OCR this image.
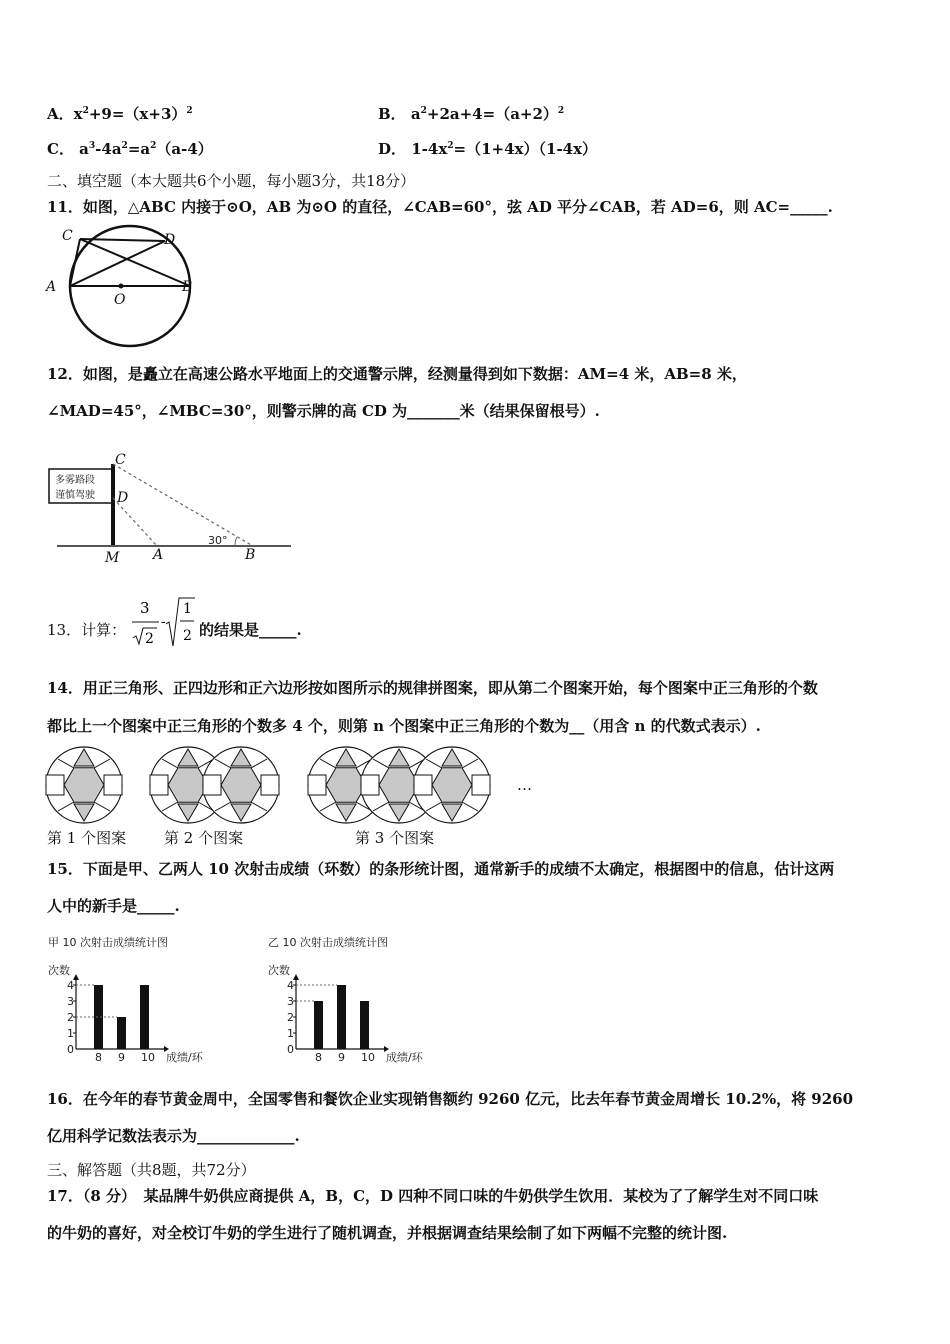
A．$x^2+9=(x+3)^2$	B． $a^2+2a+4=(a+2)^2$
C． $a^3-4a^2=a^2(a-4)$	D． $1-4x^2=(1+4x)(1-4x)$
二、填空题（本大题共6个小题，每小题3分，共18分）
11．如图，△ABC 内接于⊙O，AB 为⊙O 的直径，∠CAB=60°，弦 AD 平分∠CAB，若 AD=6，则 AC=_____.
A	B
C	D
O
12．如图，是矗立在高速公路水平地面上的交通警示牌，经测量得到如下数据：AM=4 米，AB=8 米，
∠MAD=45°，∠MBC=30°，则警示牌的高 CD 为_______米（结果保留根号）.
多雾路段
谨慎驾驶
C
D
M A	B
30°
13．计算：
3
2
-
1
2 的结果是_____.
14．用正三角形、正四边形和正六边形按如图所示的规律拼图案，即从第二个图案开始，每个图案中正三角形的个数
都比上一个图案中正三角形的个数多 4 个，则第 n 个图案中正三角形的个数为__（用含 n 的代数式表示）.
第 1 个图案	第 2 个图案	第 3 个图案
…
15．下面是甲、乙两人 10 次射击成绩（环数）的条形统计图，通常新手的成绩不太确定，根据图中的信息，估计这两
人中的新手是_____.
甲 10 次射击成绩统计图
次数
0
1
2
3
4
8 9 10 成绩/环
乙 10 次射击成绩统计图
次数
0
1
2
3
4
8 9 10 成绩/环
16．在今年的春节黄金周中，全国零售和餐饮企业实现销售额约 9260 亿元，比去年春节黄金周增长 10.2%，将 9260
亿用科学记数法表示为_____________.
三、解答题（共8题，共72分）
17．（8 分）　某品牌牛奶供应商提供 A，B，C，D 四种不同口味的牛奶供学生饮用．某校为了了解学生对不同口味
的牛奶的喜好，对全校订牛奶的学生进行了随机调查，并根据调查结果绘制了如下两幅不完整的统计图.
